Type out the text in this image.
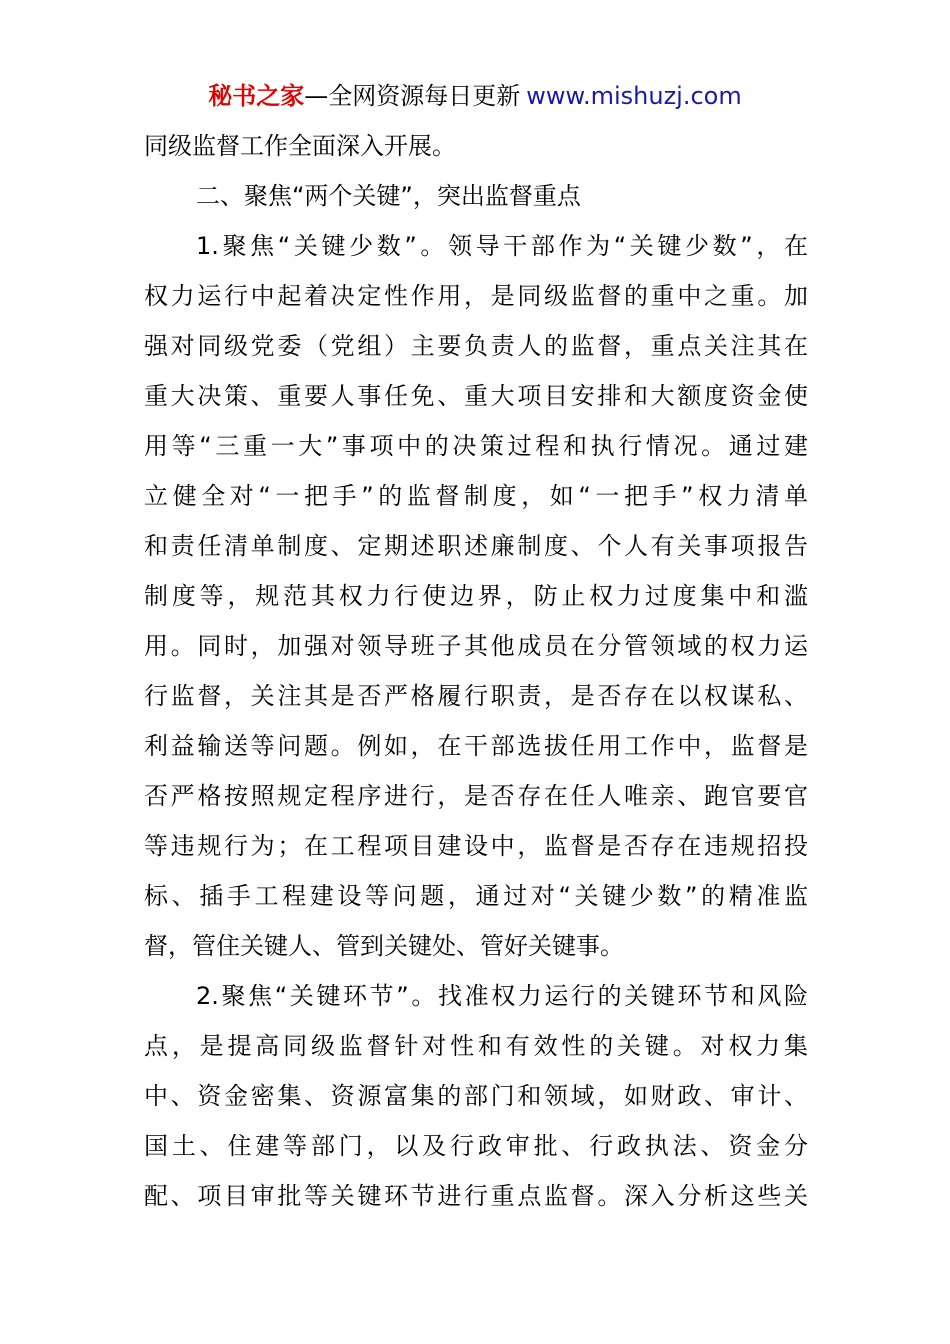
秘书之家—全网资源每日更新 www.mishuzj.com
同级监督工作全面深入开展。
二、聚焦“两个关键”，突出监督重点
1.聚焦“关键少数”。领导干部作为“关键少数”，在
权力运行中起着决定性作用，是同级监督的重中之重。加
强对同级党委（党组）主要负责人的监督，重点关注其在
重大决策、重要人事任免、重大项目安排和大额度资金使
用等“三重一大”事项中的决策过程和执行情况。通过建
立健全对“一把手”的监督制度，如“一把手”权力清单
和责任清单制度、定期述职述廉制度、个人有关事项报告
制度等，规范其权力行使边界，防止权力过度集中和滥
用。同时，加强对领导班子其他成员在分管领域的权力运
行监督，关注其是否严格履行职责，是否存在以权谋私、
利益输送等问题。例如，在干部选拔任用工作中，监督是
否严格按照规定程序进行，是否存在任人唯亲、跑官要官
等违规行为；在工程项目建设中，监督是否存在违规招投
标、插手工程建设等问题，通过对“关键少数”的精准监
督，管住关键人、管到关键处、管好关键事。
2.聚焦“关键环节”。找准权力运行的关键环节和风险
点，是提高同级监督针对性和有效性的关键。对权力集
中、资金密集、资源富集的部门和领域，如财政、审计、
国土、住建等部门，以及行政审批、行政执法、资金分
配、项目审批等关键环节进行重点监督。深入分析这些关
